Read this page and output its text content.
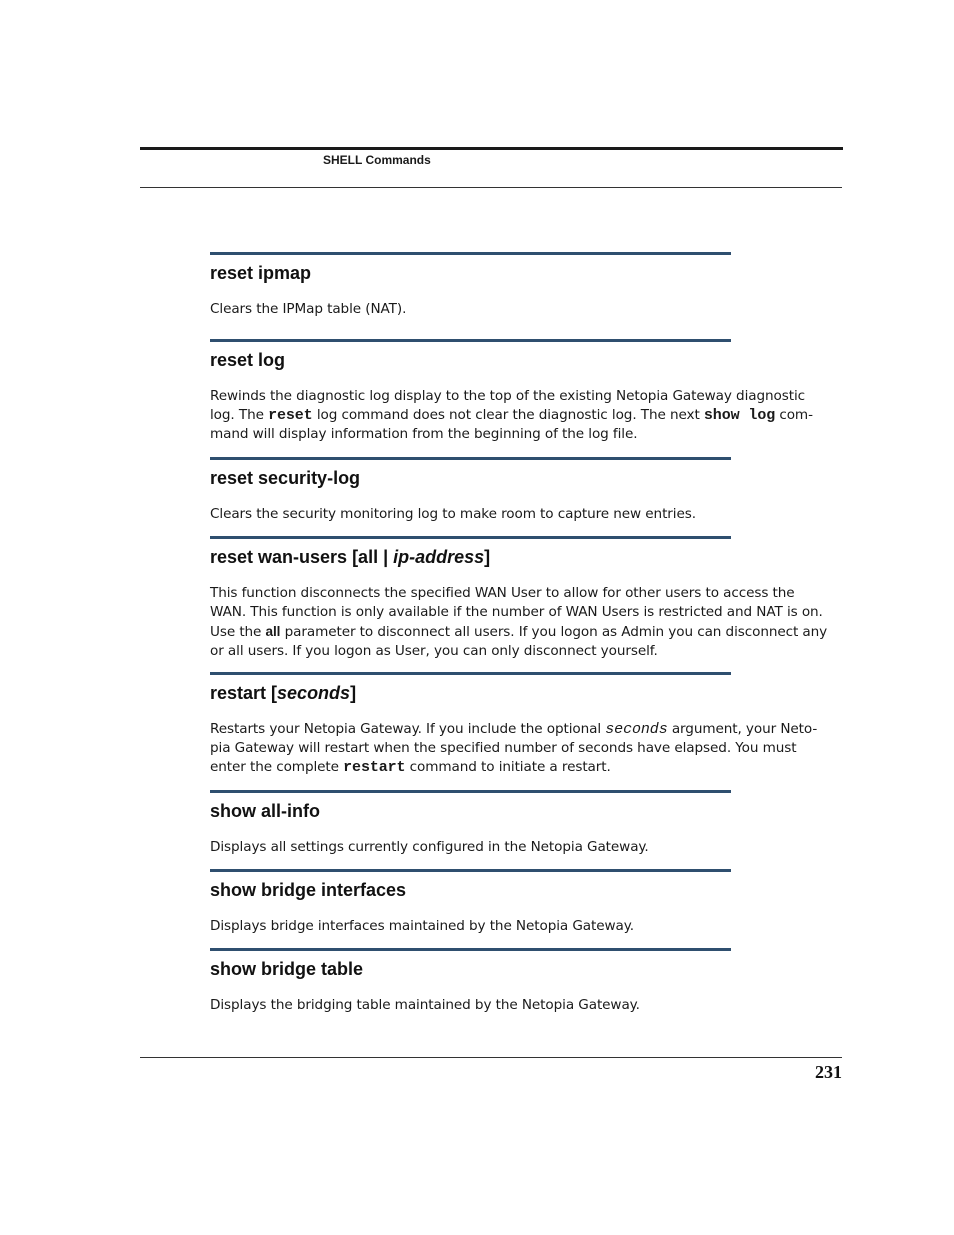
SHELL Commands
reset ipmap

Clears the IPMap table (NAT).

reset log

Rewinds the diagnostic log display to the top of the existing Netopia Gateway diagnostic log. The reset log command does not clear the diagnostic log. The next show log com-mand will display information from the beginning of the log file.

reset security-log

Clears the security monitoring log to make room to capture new entries.

reset wan-users [all | ip-address]

This function disconnects the specified WAN User to allow for other users to access the WAN. This function is only available if the number of WAN Users is restricted and NAT is on. Use the all parameter to disconnect all users. If you logon as Admin you can disconnect any or all users. If you logon as User, you can only disconnect yourself.

restart [seconds]

Restarts your Netopia Gateway. If you include the optional seconds argument, your Neto-pia Gateway will restart when the specified number of seconds have elapsed. You must enter the complete restart command to initiate a restart.

show all-info

Displays all settings currently configured in the Netopia Gateway.

show bridge interfaces

Displays bridge interfaces maintained by the Netopia Gateway.

show bridge table

Displays the bridging table maintained by the Netopia Gateway.

231
